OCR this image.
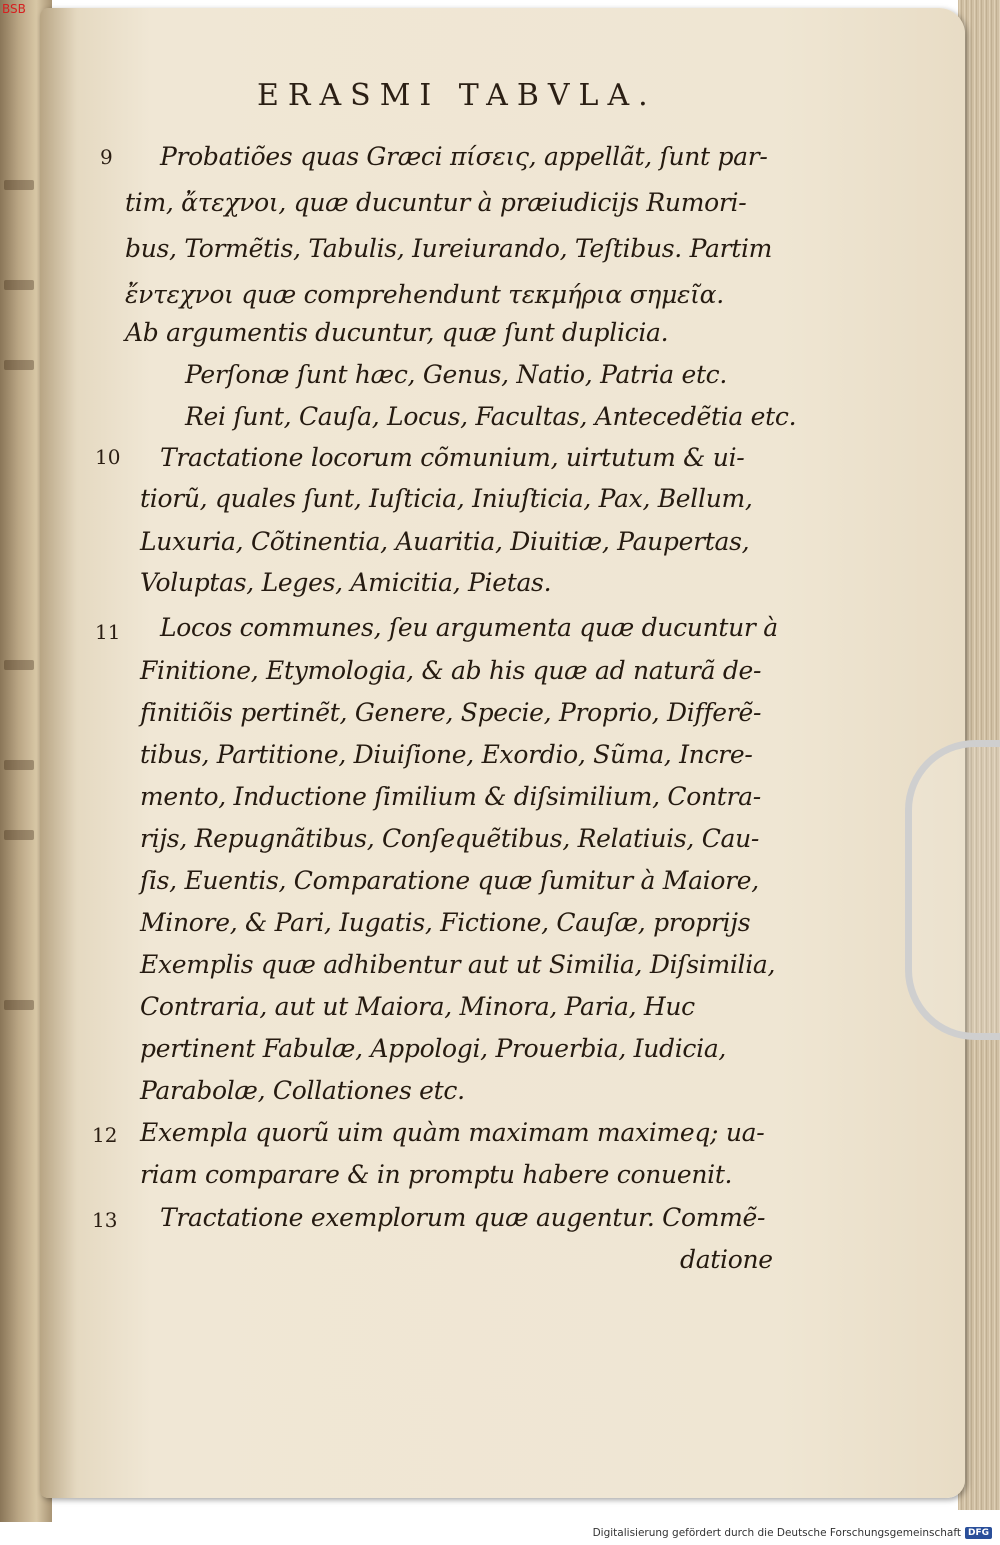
BSB
ERASMI TABVLA.
9
10
11
12
13
Probatiões quas Græci πίσεις, appellãt, ſunt par-
tim, ἄτεχνοι, quæ ducuntur à præiudicijs Rumori-
bus, Tormẽtis, Tabulis, Iureiurando, Teſtibus. Partim
ἔντεχνοι quæ comprehendunt τεκμήρια σημεῖα.
Ab argumentis ducuntur, quæ ſunt duplicia.
Perſonæ ſunt hæc, Genus, Natio, Patria etc.
Rei ſunt, Cauſa, Locus, Facultas, Antecedẽtia etc.
Tractatione locorum cõmunium, uirtutum & ui-
tiorũ, quales ſunt, Iuſticia, Iniuſticia, Pax, Bellum,
Luxuria, Cõtinentia, Auaritia, Diuitiæ, Paupertas,
Voluptas, Leges, Amicitia, Pietas.
Locos communes, ſeu argumenta quæ ducuntur à
Finitione, Etymologia, & ab his quæ ad naturã de-
finitiõis pertinẽt, Genere, Specie, Proprio, Differẽ-
tibus, Partitione, Diuiſione, Exordio, Sũma, Incre-
mento, Inductione ſimilium & diſsimilium, Contra-
rijs, Repugnãtibus, Conſequẽtibus, Relatiuis, Cau-
ſis, Euentis, Comparatione quæ ſumitur à Maiore,
Minore, & Pari, Iugatis, Fictione, Cauſæ, proprijs
Exemplis quæ adhibentur aut ut Similia, Diſsimilia,
Contraria, aut ut Maiora, Minora, Paria, Huc
pertinent Fabulæ, Appologi, Prouerbia, Iudicia,
Parabolæ, Collationes etc.
Exempla quorũ uim quàm maximam maximeq; ua-
riam comparare & in promptu habere conuenit.
Tractatione exemplorum quæ augentur. Commẽ-
datione
Digitalisierung gefördert durch die Deutsche Forschungsgemeinschaft DFG
